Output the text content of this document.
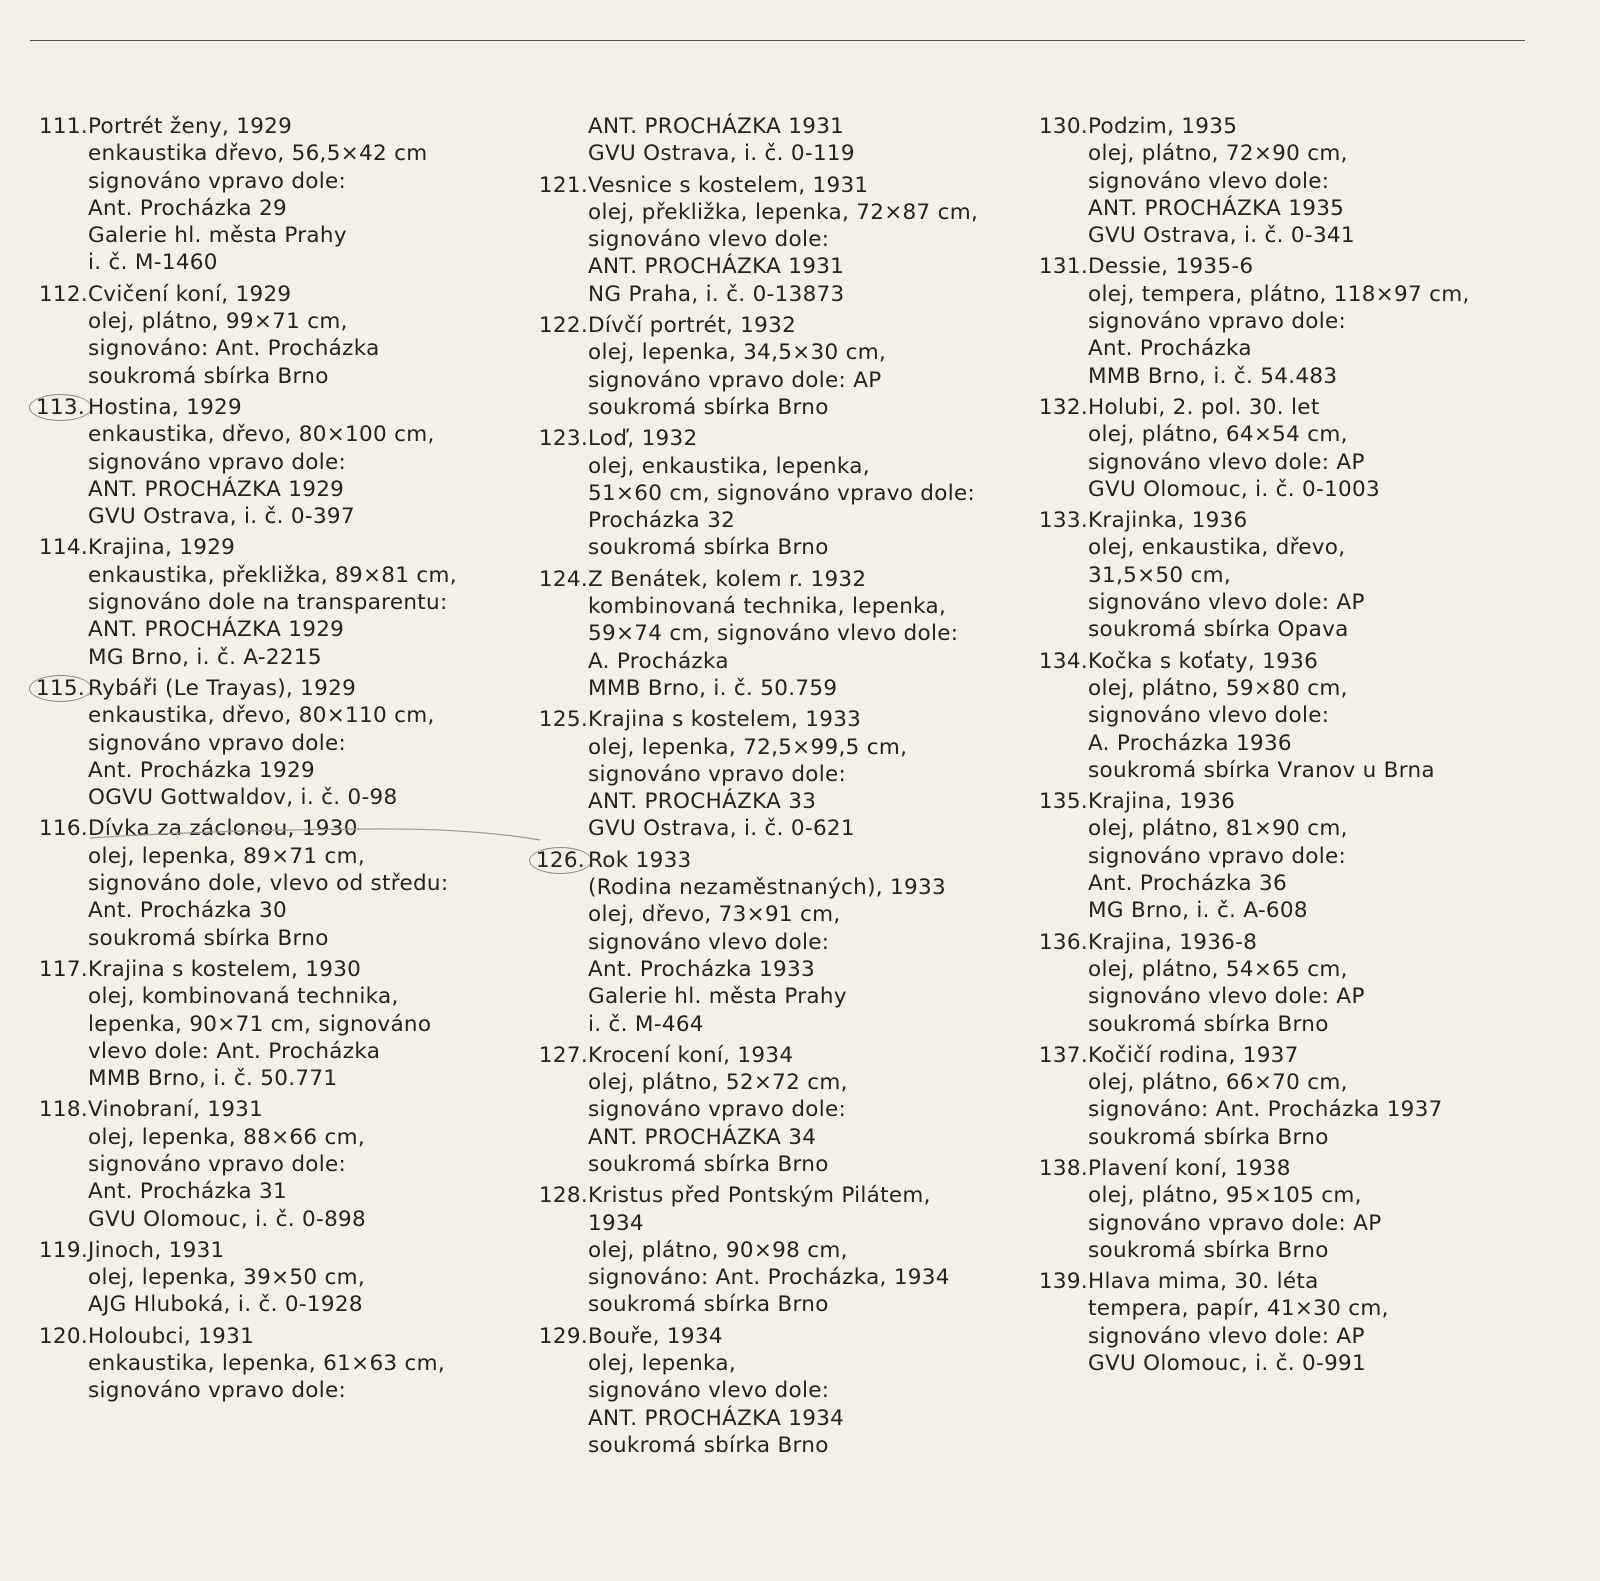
111. Portrét ženy, 1929
enkaustika dřevo, 56,5×42 cm
signováno vpravo dole:
Ant. Procházka 29
Galerie hl. města Prahy
i. č. M-1460
112. Cvičení koní, 1929
olej, plátno, 99×71 cm,
signováno: Ant. Procházka
soukromá sbírka Brno
113. Hostina, 1929
enkaustika, dřevo, 80×100 cm,
signováno vpravo dole:
ANT. PROCHÁZKA 1929
GVU Ostrava, i. č. 0-397
114. Krajina, 1929
enkaustika, překližka, 89×81 cm,
signováno dole na transparentu:
ANT. PROCHÁZKA 1929
MG Brno, i. č. A-2215
115. Rybáři (Le Trayas), 1929
enkaustika, dřevo, 80×110 cm,
signováno vpravo dole:
Ant. Procházka 1929
OGVU Gottwaldov, i. č. 0-98
116. Dívka za záclonou, 1930
olej, lepenka, 89×71 cm,
signováno dole, vlevo od středu:
Ant. Procházka 30
soukromá sbírka Brno
117. Krajina s kostelem, 1930
olej, kombinovaná technika,
lepenka, 90×71 cm, signováno
vlevo dole: Ant. Procházka
MMB Brno, i. č. 50.771
118. Vinobraní, 1931
olej, lepenka, 88×66 cm,
signováno vpravo dole:
Ant. Procházka 31
GVU Olomouc, i. č. 0-898
119. Jinoch, 1931
olej, lepenka, 39×50 cm,
AJG Hluboká, i. č. 0-1928
120. Holoubci, 1931
enkaustika, lepenka, 61×63 cm,
signováno vpravo dole:
ANT. PROCHÁZKA 1931
GVU Ostrava, i. č. 0-119
121. Vesnice s kostelem, 1931
olej, překližka, lepenka, 72×87 cm,
signováno vlevo dole:
ANT. PROCHÁZKA 1931
NG Praha, i. č. 0-13873
122. Dívčí portrét, 1932
olej, lepenka, 34,5×30 cm,
signováno vpravo dole: AP
soukromá sbírka Brno
123. Loď, 1932
olej, enkaustika, lepenka,
51×60 cm, signováno vpravo dole:
Procházka 32
soukromá sbírka Brno
124. Z Benátek, kolem r. 1932
kombinovaná technika, lepenka,
59×74 cm, signováno vlevo dole:
A. Procházka
MMB Brno, i. č. 50.759
125. Krajina s kostelem, 1933
olej, lepenka, 72,5×99,5 cm,
signováno vpravo dole:
ANT. PROCHÁZKA 33
GVU Ostrava, i. č. 0-621
126. Rok 1933
(Rodina nezaměstnaných), 1933
olej, dřevo, 73×91 cm,
signováno vlevo dole:
Ant. Procházka 1933
Galerie hl. města Prahy
i. č. M-464
127. Krocení koní, 1934
olej, plátno, 52×72 cm,
signováno vpravo dole:
ANT. PROCHÁZKA 34
soukromá sbírka Brno
128. Kristus před Pontským Pilátem,
1934
olej, plátno, 90×98 cm,
signováno: Ant. Procházka, 1934
soukromá sbírka Brno
129. Bouře, 1934
olej, lepenka,
signováno vlevo dole:
ANT. PROCHÁZKA 1934
soukromá sbírka Brno
130. Podzim, 1935
olej, plátno, 72×90 cm,
signováno vlevo dole:
ANT. PROCHÁZKA 1935
GVU Ostrava, i. č. 0-341
131. Dessie, 1935-6
olej, tempera, plátno, 118×97 cm,
signováno vpravo dole:
Ant. Procházka
MMB Brno, i. č. 54.483
132. Holubi, 2. pol. 30. let
olej, plátno, 64×54 cm,
signováno vlevo dole: AP
GVU Olomouc, i. č. 0-1003
133. Krajinka, 1936
olej, enkaustika, dřevo,
31,5×50 cm,
signováno vlevo dole: AP
soukromá sbírka Opava
134. Kočka s koťaty, 1936
olej, plátno, 59×80 cm,
signováno vlevo dole:
A. Procházka 1936
soukromá sbírka Vranov u Brna
135. Krajina, 1936
olej, plátno, 81×90 cm,
signováno vpravo dole:
Ant. Procházka 36
MG Brno, i. č. A-608
136. Krajina, 1936-8
olej, plátno, 54×65 cm,
signováno vlevo dole: AP
soukromá sbírka Brno
137. Kočičí rodina, 1937
olej, plátno, 66×70 cm,
signováno: Ant. Procházka 1937
soukromá sbírka Brno
138. Plavení koní, 1938
olej, plátno, 95×105 cm,
signováno vpravo dole: AP
soukromá sbírka Brno
139. Hlava mima, 30. léta
tempera, papír, 41×30 cm,
signováno vlevo dole: AP
GVU Olomouc, i. č. 0-991
